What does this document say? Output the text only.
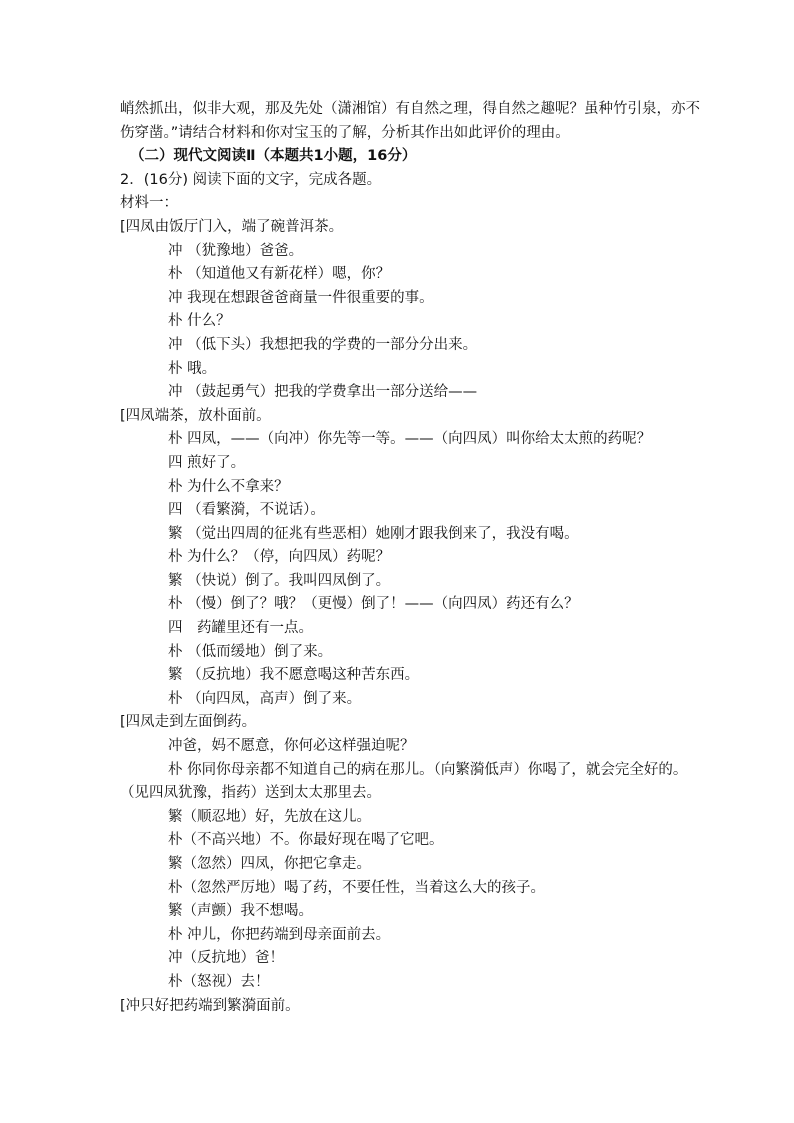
峭然抓出，似非大观，那及先处（潇湘馆）有自然之理，得自然之趣呢？虽种竹引泉，亦不
伤穿凿。”请结合材料和你对宝玉的了解，分析其作出如此评价的理由。
（二）现代文阅读Ⅱ（本题共1小题，16分）
2．(16分) 阅读下面的文字，完成各题。
材料一：
[四凤由饭厅门入，端了碗普洱茶。
冲 （犹豫地）爸爸。
朴 （知道他又有新花样）嗯，你？
冲 我现在想跟爸爸商量一件很重要的事。
朴 什么？
冲 （低下头）我想把我的学费的一部分分出来。
朴 哦。
冲 （鼓起勇气）把我的学费拿出一部分送给——
[四凤端茶，放朴面前。
朴 四凤，——（向冲）你先等一等。——（向四凤）叫你给太太煎的药呢？
四 煎好了。
朴 为什么不拿来？
四 （看繁漪，不说话）。
繁 （觉出四周的征兆有些恶相）她刚才跟我倒来了，我没有喝。
朴 为什么？（停，向四凤）药呢？
繁 （快说）倒了。我叫四凤倒了。
朴 （慢）倒了？哦？（更慢）倒了！——（向四凤）药还有么？
四　药罐里还有一点。
朴 （低而缓地）倒了来。
繁 （反抗地）我不愿意喝这种苦东西。
朴 （向四凤，高声）倒了来。
[四凤走到左面倒药。
冲爸，妈不愿意，你何必这样强迫呢？
朴 你同你母亲都不知道自己的病在那儿。（向繁漪低声）你喝了，就会完全好的。
（见四凤犹豫，指药）送到太太那里去。
繁（顺忍地）好，先放在这儿。
朴（不高兴地）不。你最好现在喝了它吧。
繁（忽然）四凤，你把它拿走。
朴（忽然严厉地）喝了药，不要任性，当着这么大的孩子。
繁（声颤）我不想喝。
朴 冲儿，你把药端到母亲面前去。
冲（反抗地）爸！
朴（怒视）去！
[冲只好把药端到繁漪面前。
